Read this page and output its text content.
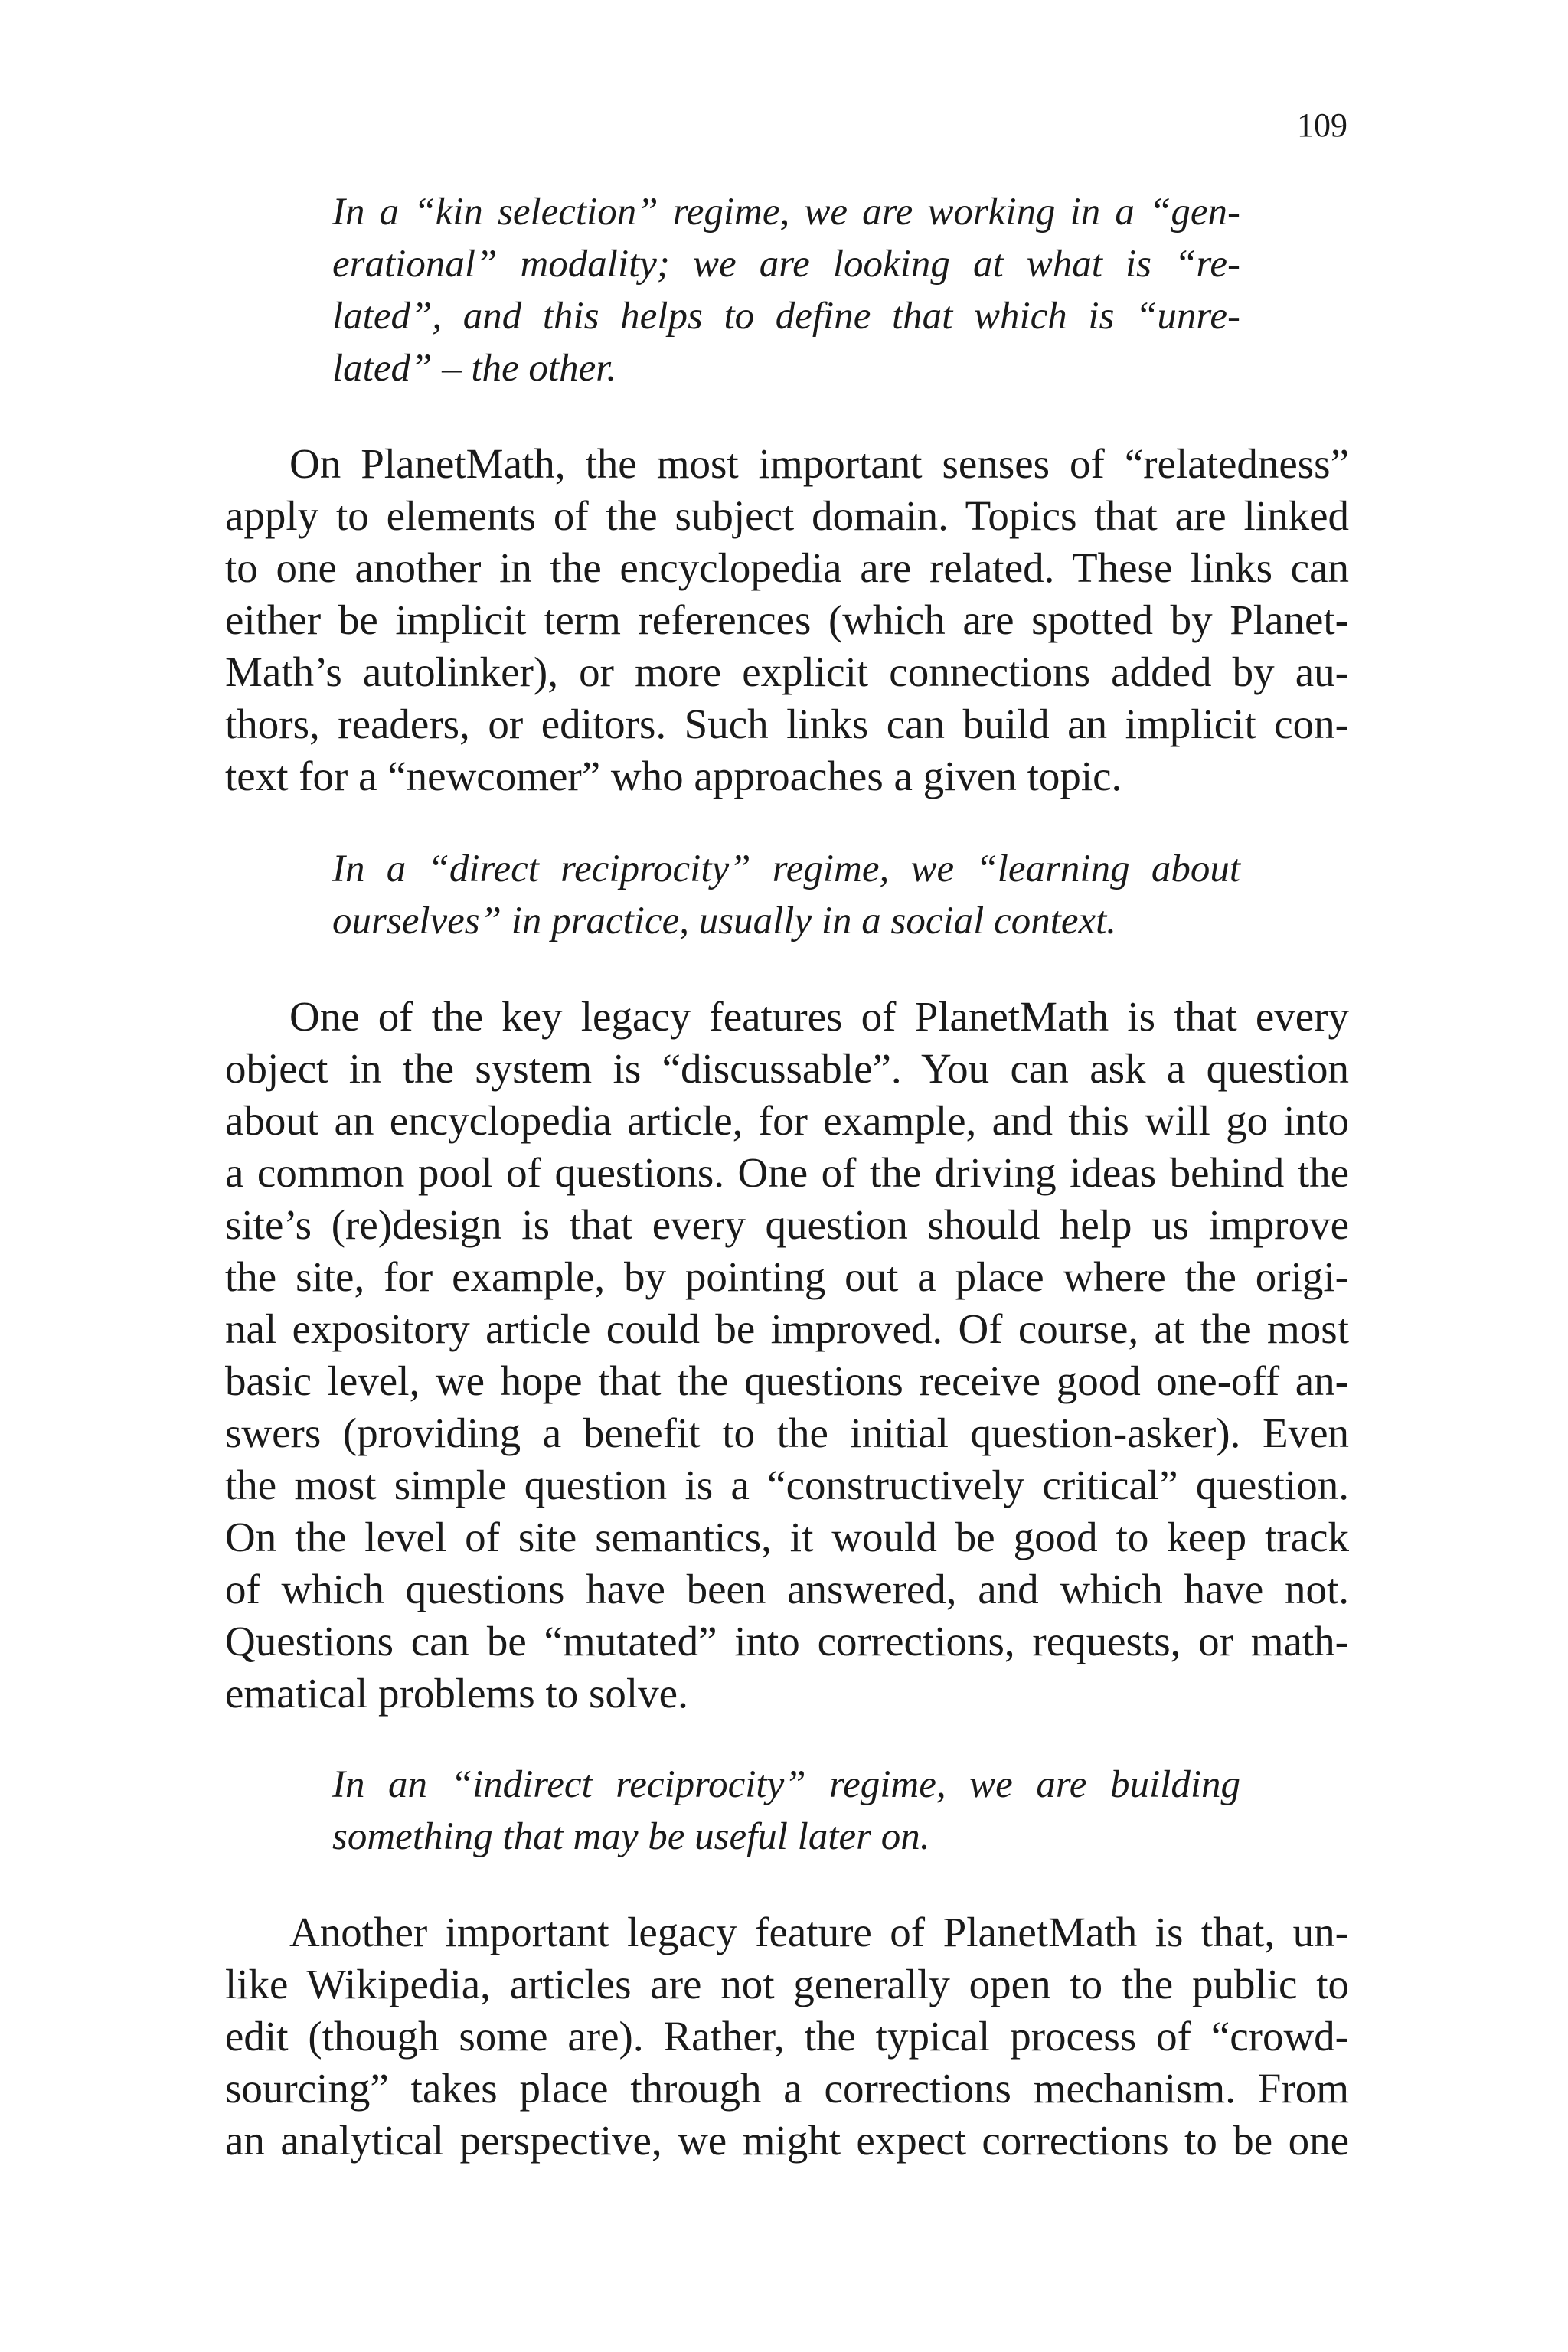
109

In a “kin selection” regime, we are working in a “gen-

erational” modality; we are looking at what is “re-

lated”, and this helps to define that which is “unre-

lated” – the other.

On PlanetMath, the most important senses of “relatedness”

apply to elements of the subject domain. Topics that are linked

to one another in the encyclopedia are related. These links can

either be implicit term references (which are spotted by Planet-

Math’s autolinker), or more explicit connections added by au-

thors, readers, or editors. Such links can build an implicit con-

text for a “newcomer” who approaches a given topic.

In a “direct reciprocity” regime, we “learning about

ourselves” in practice, usually in a social context.

One of the key legacy features of PlanetMath is that every

object in the system is “discussable”. You can ask a question

about an encyclopedia article, for example, and this will go into

a common pool of questions. One of the driving ideas behind the

site’s (re)design is that every question should help us improve

the site, for example, by pointing out a place where the origi-

nal expository article could be improved. Of course, at the most

basic level, we hope that the questions receive good one-off an-

swers (providing a benefit to the initial question-asker). Even

the most simple question is a “constructively critical” question.

On the level of site semantics, it would be good to keep track

of which questions have been answered, and which have not.

Questions can be “mutated” into corrections, requests, or math-

ematical problems to solve.

In an “indirect reciprocity” regime, we are building

something that may be useful later on.

Another important legacy feature of PlanetMath is that, un-

like Wikipedia, articles are not generally open to the public to

edit (though some are). Rather, the typical process of “crowd-

sourcing” takes place through a corrections mechanism. From

an analytical perspective, we might expect corrections to be one
